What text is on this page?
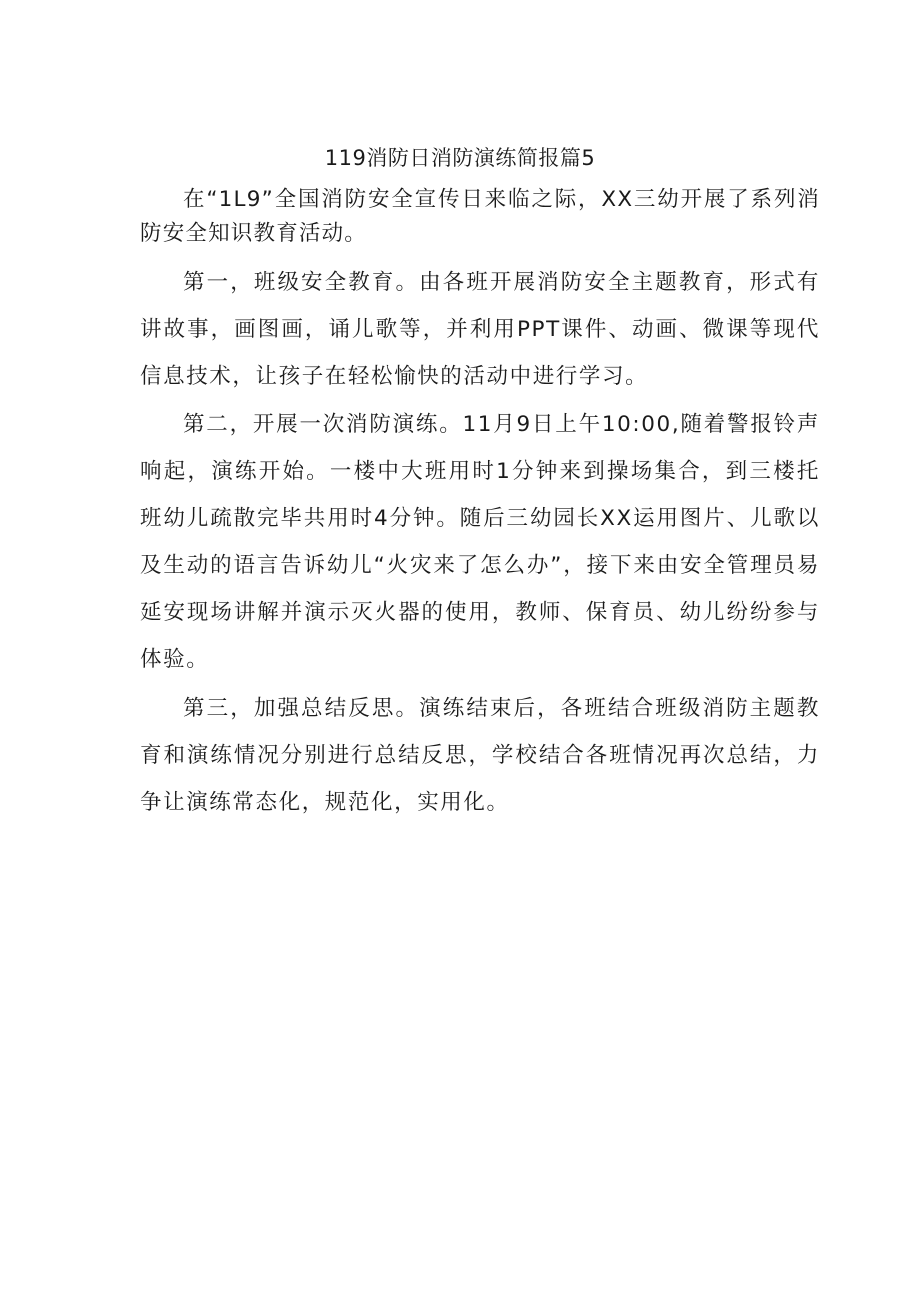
119消防日消防演练简报篇5

在“1L9”全国消防安全宣传日来临之际，XX三幼开展了系列消防安全知识教育活动。

第一，班级安全教育。由各班开展消防安全主题教育，形式有讲故事，画图画，诵儿歌等，并利用PPT课件、动画、微课等现代信息技术，让孩子在轻松愉快的活动中进行学习。

第二，开展一次消防演练。11月9日上午10:00,随着警报铃声响起，演练开始。一楼中大班用时1分钟来到操场集合，到三楼托班幼儿疏散完毕共用时4分钟。随后三幼园长XX运用图片、儿歌以及生动的语言告诉幼儿“火灾来了怎么办”，接下来由安全管理员易延安现场讲解并演示灭火器的使用，教师、保育员、幼儿纷纷参与体验。

第三，加强总结反思。演练结束后，各班结合班级消防主题教育和演练情况分别进行总结反思，学校结合各班情况再次总结，力争让演练常态化，规范化，实用化。
